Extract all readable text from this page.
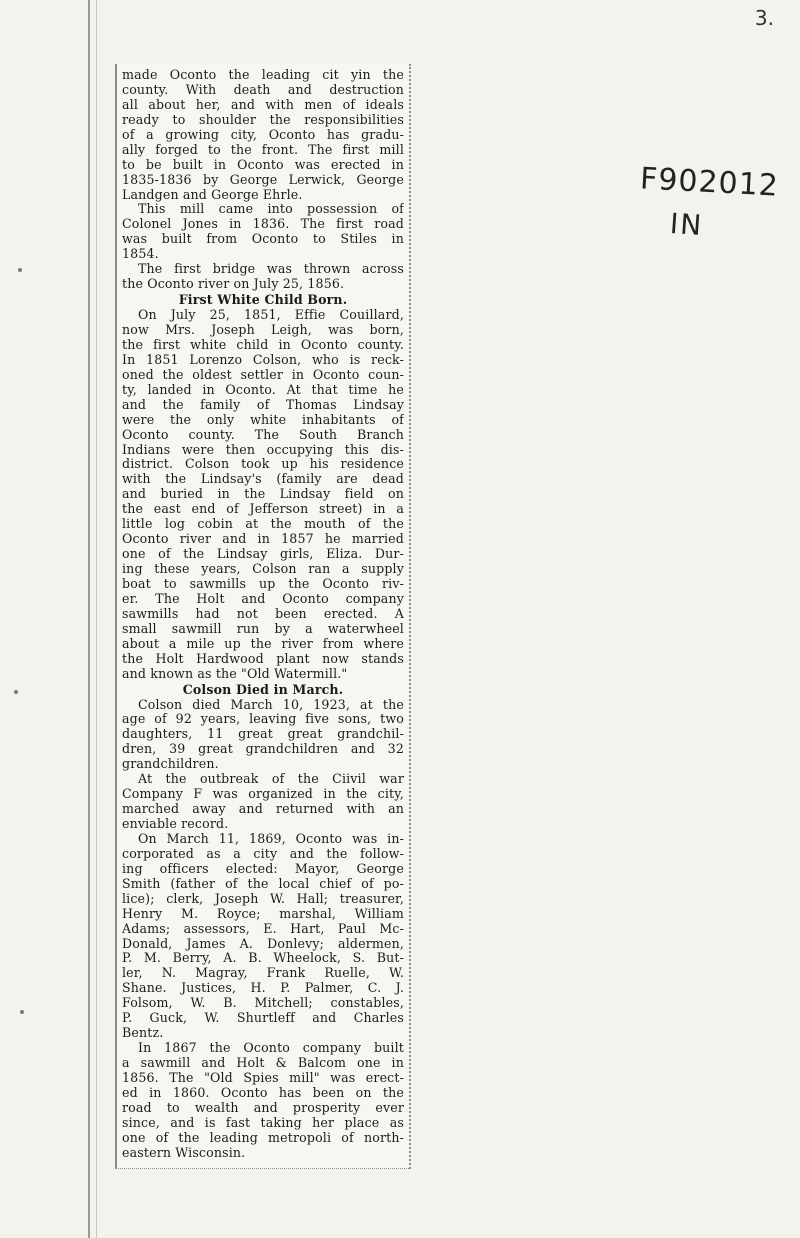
3.
F902012
IN
made Oconto the leading cit yin the
county. With death and destruction
all about her, and with men of ideals
ready to shoulder the responsibilities
of a growing city, Oconto has gradu-
ally forged to the front. The first mill
to be built in Oconto was erected in
1835-1836 by George Lerwick, George
Landgen and George Ehrle.
This mill came into possession of
Colonel Jones in 1836. The first road
was built from Oconto to Stiles in
1854.
The first bridge was thrown across
the Oconto river on July 25, 1856.
First White Child Born.
On July 25, 1851, Effie Couillard,
now Mrs. Joseph Leigh, was born,
the first white child in Oconto county.
In 1851 Lorenzo Colson, who is reck-
oned the oldest settler in Oconto coun-
ty, landed in Oconto. At that time he
and the family of Thomas Lindsay
were the only white inhabitants of
Oconto county. The South Branch
Indians were then occupying this dis-
district. Colson took up his residence
with the Lindsay's (family are dead
and buried in the Lindsay field on
the east end of Jefferson street) in a
little log cobin at the mouth of the
Oconto river and in 1857 he married
one of the Lindsay girls, Eliza. Dur-
ing these years, Colson ran a supply
boat to sawmills up the Oconto riv-
er. The Holt and Oconto company
sawmills had not been erected. A
small sawmill run by a waterwheel
about a mile up the river from where
the Holt Hardwood plant now stands
and known as the "Old Watermill."
Colson Died in March.
Colson died March 10, 1923, at the
age of 92 years, leaving five sons, two
daughters, 11 great great grandchil-
dren, 39 great grandchildren and 32
grandchildren.
At the outbreak of the Ciivil war
Company F was organized in the city,
marched away and returned with an
enviable record.
On March 11, 1869, Oconto was in-
corporated as a city and the follow-
ing officers elected: Mayor, George
Smith (father of the local chief of po-
lice); clerk, Joseph W. Hall; treasurer,
Henry M. Royce; marshal, William
Adams; assessors, E. Hart, Paul Mc-
Donald, James A. Donlevy; aldermen,
P. M. Berry, A. B. Wheelock, S. But-
ler, N. Magray, Frank Ruelle, W.
Shane. Justices, H. P. Palmer, C. J.
Folsom, W. B. Mitchell; constables,
P. Guck, W. Shurtleff and Charles
Bentz.
In 1867 the Oconto company built
a sawmill and Holt & Balcom one in
1856. The "Old Spies mill" was erect-
ed in 1860. Oconto has been on the
road to wealth and prosperity ever
since, and is fast taking her place as
one of the leading metropoli of north-
eastern Wisconsin.
